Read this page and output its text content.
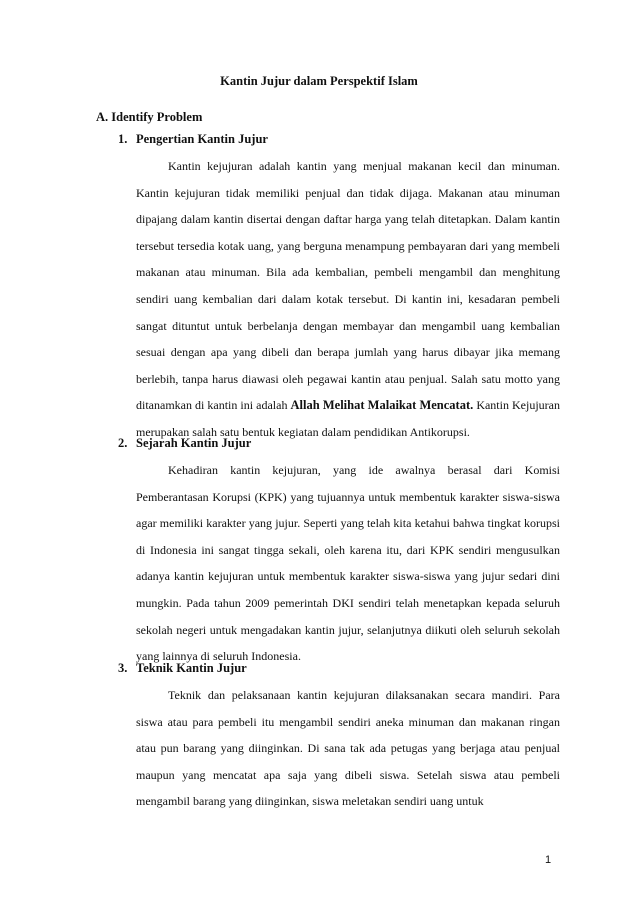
Kantin Jujur dalam Perspektif Islam
A. Identify Problem
1. Pengertian Kantin Jujur
Kantin kejujuran adalah kantin yang menjual makanan kecil dan minuman. Kantin kejujuran tidak memiliki penjual dan tidak dijaga. Makanan atau minuman dipajang dalam kantin disertai dengan daftar harga yang telah ditetapkan. Dalam kantin tersebut tersedia kotak uang, yang berguna menampung pembayaran dari yang membeli makanan atau minuman. Bila ada kembalian, pembeli mengambil dan menghitung sendiri uang kembalian dari dalam kotak tersebut. Di kantin ini, kesadaran pembeli sangat dituntut untuk berbelanja dengan membayar dan mengambil uang kembalian sesuai dengan apa yang dibeli dan berapa jumlah yang harus dibayar jika memang berlebih, tanpa harus diawasi oleh pegawai kantin atau penjual. Salah satu motto yang ditanamkan di kantin ini adalah Allah Melihat Malaikat Mencatat. Kantin Kejujuran merupakan salah satu bentuk kegiatan dalam pendidikan Antikorupsi.
2. Sejarah Kantin Jujur
Kehadiran kantin kejujuran, yang ide awalnya berasal dari Komisi Pemberantasan Korupsi (KPK) yang tujuannya untuk membentuk karakter siswa-siswa agar memiliki karakter yang jujur. Seperti yang telah kita ketahui bahwa tingkat korupsi di Indonesia ini sangat tingga sekali, oleh karena itu, dari KPK sendiri mengusulkan adanya kantin kejujuran untuk membentuk karakter siswa-siswa yang jujur sedari dini mungkin. Pada tahun 2009 pemerintah DKI sendiri telah menetapkan kepada seluruh sekolah negeri untuk mengadakan kantin jujur, selanjutnya diikuti oleh seluruh sekolah yang lainnya di seluruh Indonesia.
3. Teknik Kantin Jujur
Teknik dan pelaksanaan kantin kejujuran dilaksanakan secara mandiri. Para siswa atau para pembeli itu mengambil sendiri aneka minuman dan makanan ringan atau pun barang yang diinginkan. Di sana tak ada petugas yang berjaga atau penjual maupun yang mencatat apa saja yang dibeli siswa. Setelah siswa atau pembeli mengambil barang yang diinginkan, siswa meletakan sendiri uang untuk
1
